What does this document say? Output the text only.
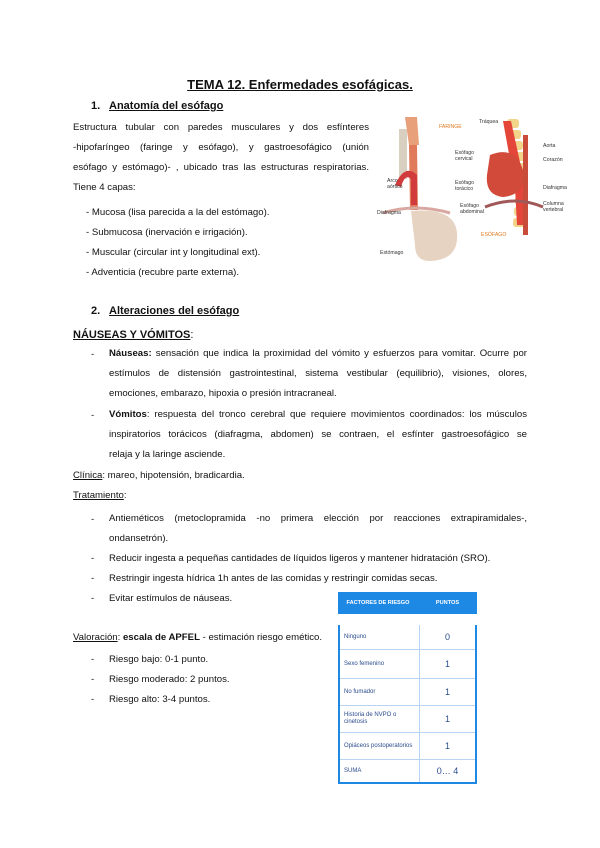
TEMA 12. Enfermedades esofágicas.
1. Anatomía del esófago
Estructura tubular con paredes musculares y dos esfínteres
-hipofaríngeo (faringe y esófago), y gastroesofágico (unión
esófago y estómago)- , ubicado tras las estructuras respiratorias.
Tiene 4 capas:
- Mucosa (lisa parecida a la del estómago).
- Submucosa (inervación e irrigación).
- Muscular (circular int y longitudinal ext).
- Adventicia (recubre parte externa).
FARINGE
Tráquea
Aorta
Corazón
Esófago cervical
Arco aórtico
Esófago torácico
Diafragma
Diafragma
Columna vertebral
Esófago abdominal
Estómago
ESÓFAGO
2. Alteraciones del esófago
NÁUSEAS Y VÓMITOS:
- Náuseas: sensación que indica la proximidad del vómito y esfuerzos para vomitar. Ocurre por
estímulos de distensión gastrointestinal, sistema vestibular (equilibrio), visiones, olores,
emociones, embarazo, hipoxia o presión intracraneal.
- Vómitos: respuesta del tronco cerebral que requiere movimientos coordinados: los músculos
inspiratorios torácicos (diafragma, abdomen) se contraen, el esfínter gastroesofágico se
relaja y la laringe asciende.
Clínica: mareo, hipotensión, bradicardia.
Tratamiento:
- Antieméticos (metoclopramida -no primera elección por reacciones extrapiramidales-,
ondansetrón).
- Reducir ingesta a pequeñas cantidades de líquidos ligeros y mantener hidratación (SRO).
- Restringir ingesta hídrica 1h antes de las comidas y restringir comidas secas.
- Evitar estímulos de náuseas.
Valoración: escala de APFEL - estimación riesgo emético.
- Riesgo bajo: 0-1 punto.
- Riesgo moderado: 2 puntos.
- Riesgo alto: 3-4 puntos.
FACTORES DE RIESGO	PUNTOS
Ninguno	0
Sexo femenino	1
No fumador	1
Historia de NVPO o cinetosis	1
Opiáceos postoperatorios	1
SUMA	0… 4
